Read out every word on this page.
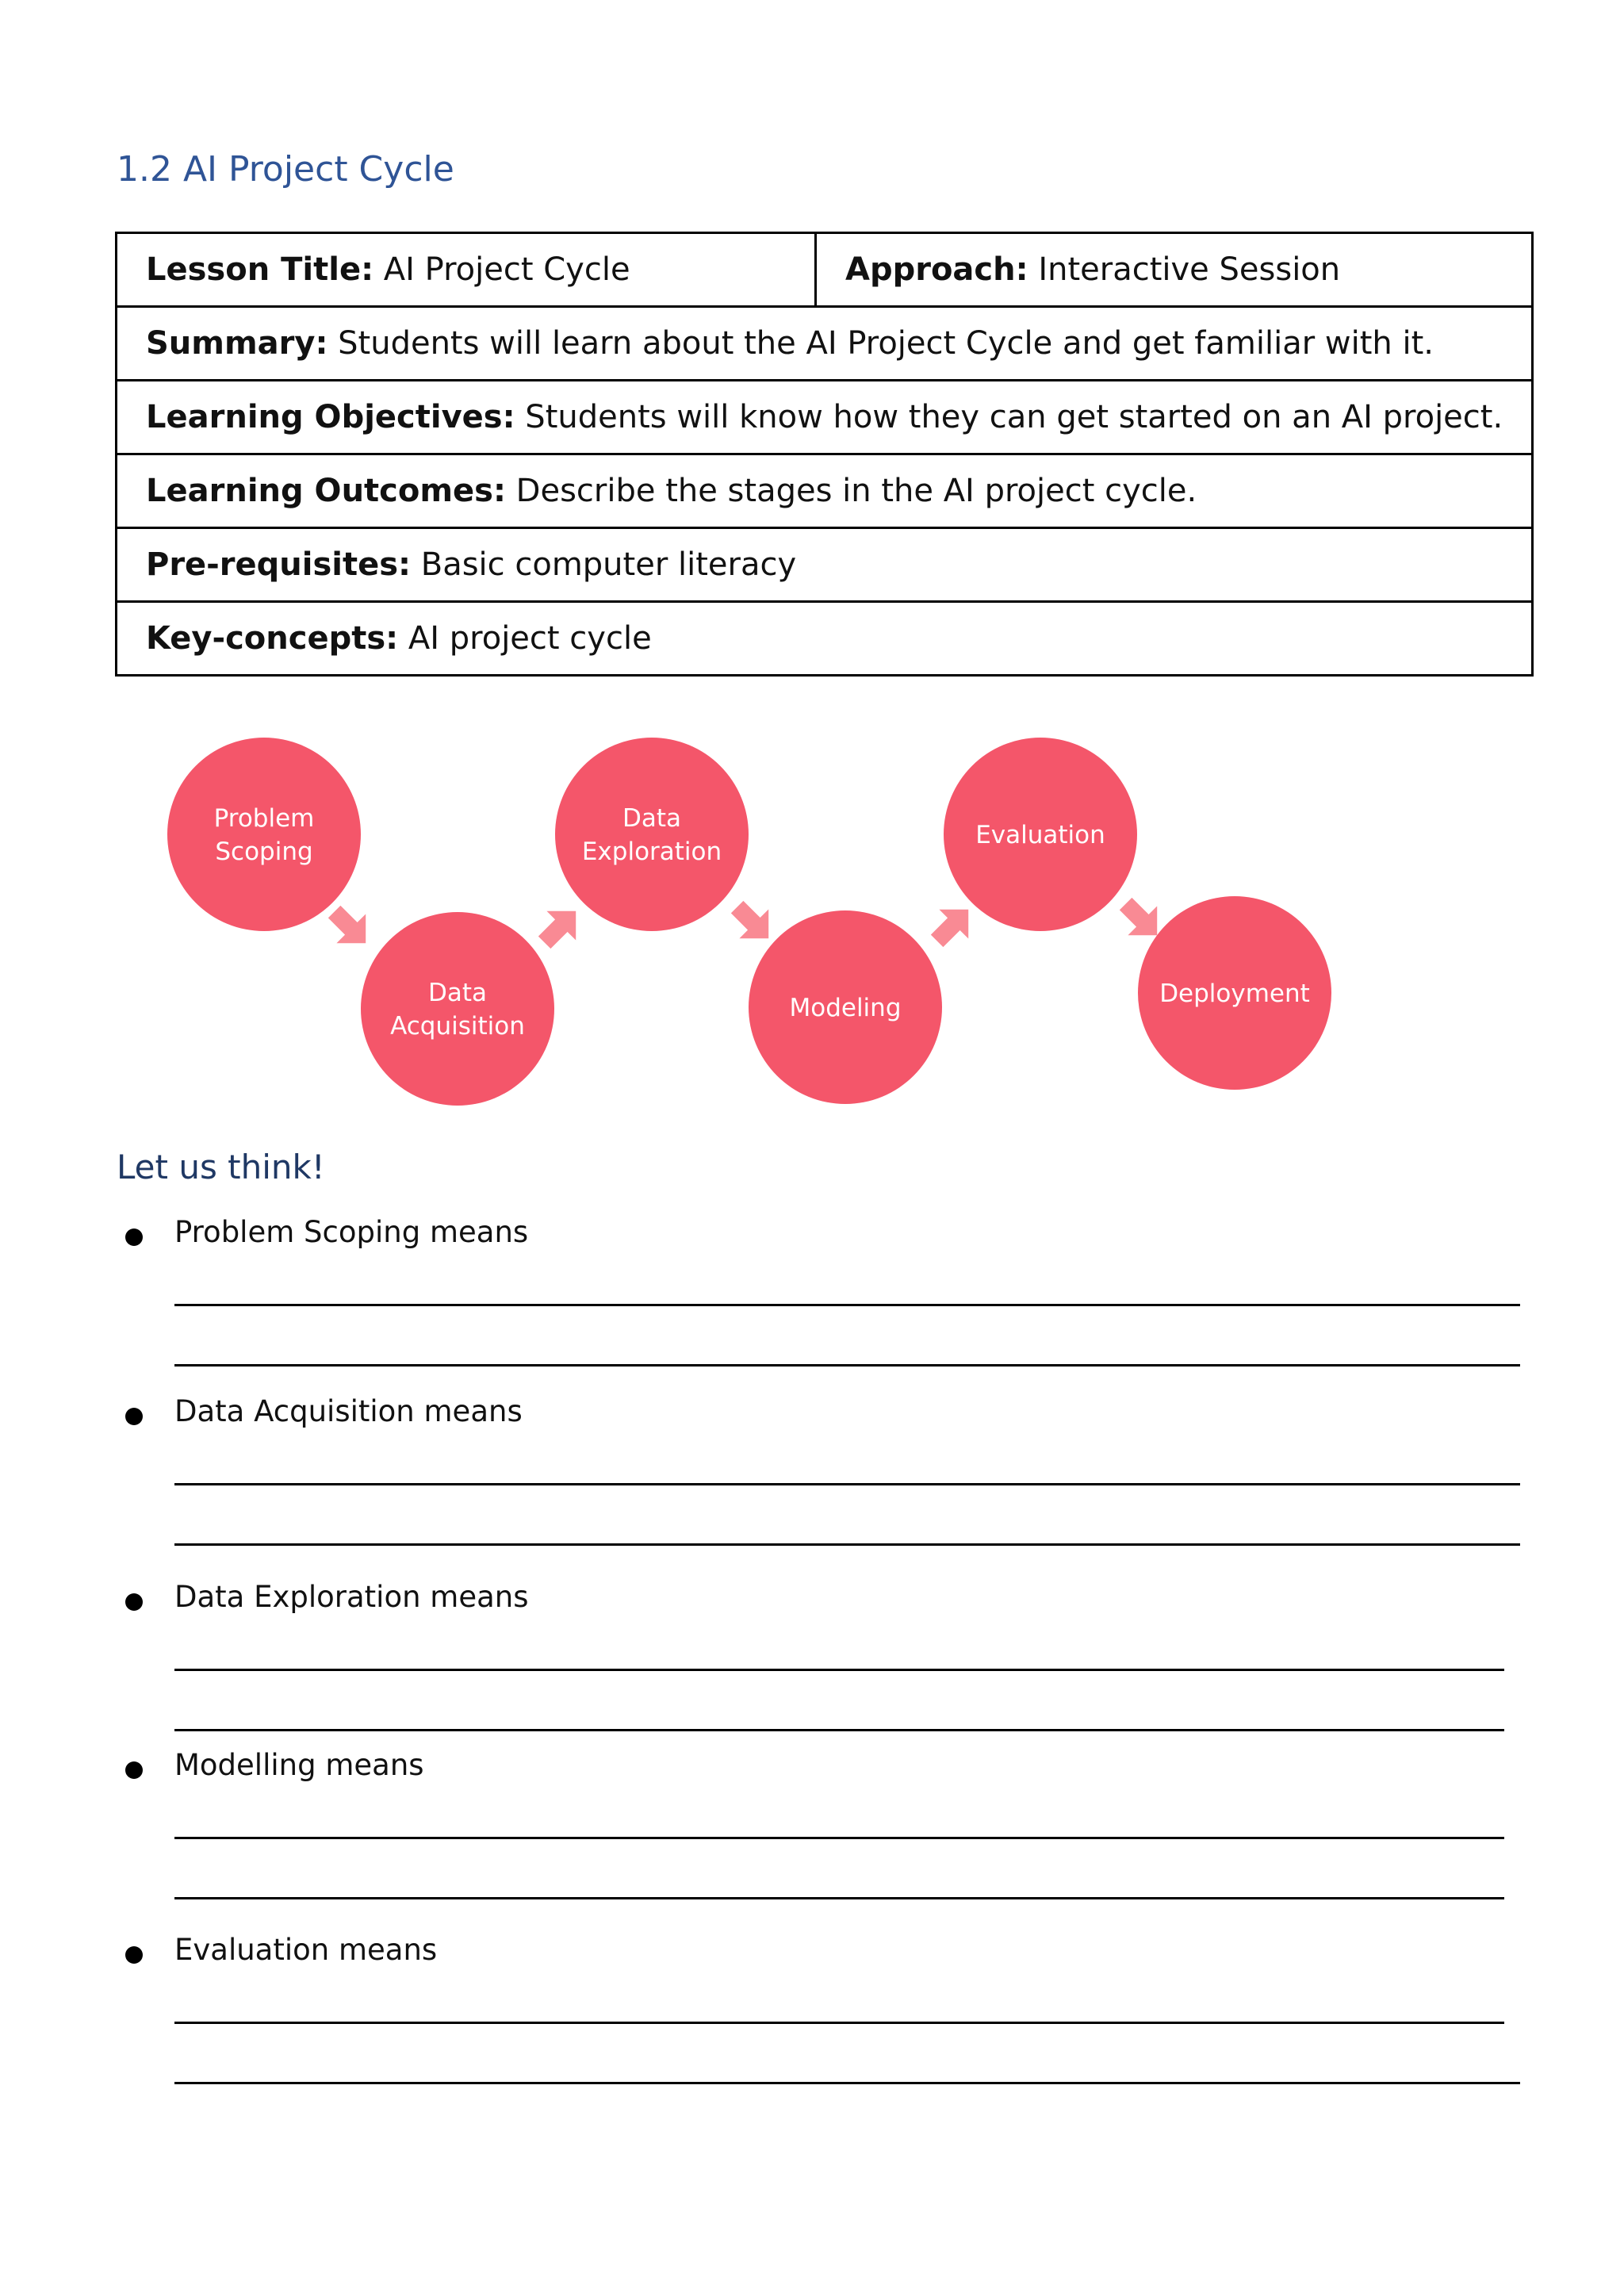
1.2 AI Project Cycle
Lesson Title: AI Project Cycle	Approach: Interactive Session
Summary: Students will learn about the AI Project Cycle and get familiar with it.
Learning Objectives: Students will know how they can get started on an AI project.
Learning Outcomes: Describe the stages in the AI project cycle.
Pre-requisites: Basic computer literacy
Key-concepts: AI project cycle
Problem
Scoping
Data
Acquisition
Data
Exploration
Modeling
Evaluation
Deployment
Let us think!
Problem Scoping means
Data Acquisition means
Data Exploration means
Modelling means
Evaluation means
